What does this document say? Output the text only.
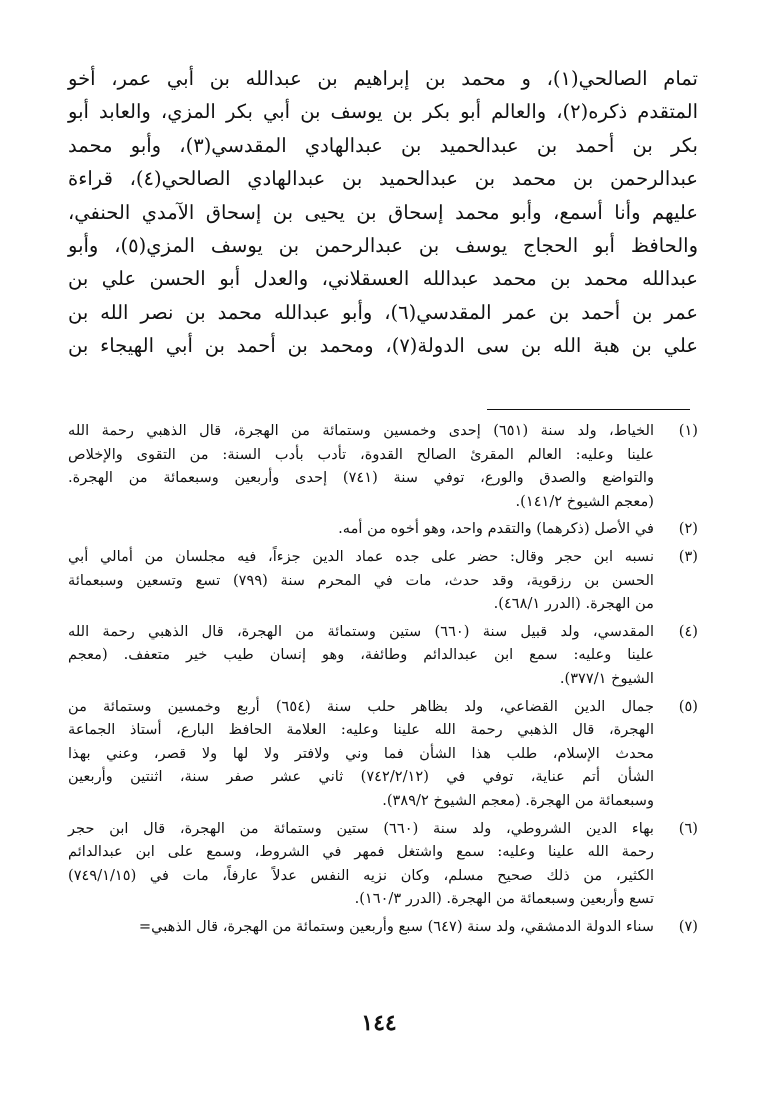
تمام الصالحي(١)، و محمد بن إبراهيم بن عبدالله بن أبي عمر، أخو
المتقدم ذكره(٢)، والعالم أبو بكر بن يوسف بن أبي بكر المزي، والعابد أبو
بكر بن أحمد بن عبدالحميد بن عبدالهادي المقدسي(٣)، وأبو محمد
عبدالرحمن بن محمد بن عبدالحميد بن عبدالهادي الصالحي(٤)، قراءة
عليهم وأنا أسمع، وأبو محمد إسحاق بن يحيى بن إسحاق الآمدي الحنفي،
والحافظ أبو الحجاج يوسف بن عبدالرحمن بن يوسف المزي(٥)، وأبو
عبدالله محمد بن محمد عبدالله العسقلاني، والعدل أبو الحسن علي بن
عمر بن أحمد بن عمر المقدسي(٦)، وأبو عبدالله محمد بن نصر الله بن
علي بن هبة الله بن سى الدولة(٧)، ومحمد بن أحمد بن أبي الهيجاء بن
(١)
الخياط، ولد سنة (٦٥١) إحدى وخمسين وستمائة من الهجرة، قال الذهبي رحمة الله
علينا وعليه: العالم المقرئ الصالح القدوة، تأدب بأدب السنة: من التقوى والإخلاص
والتواضع والصدق والورع، توفي سنة (٧٤١) إحدى وأربعين وسبعمائة من الهجرة.
(معجم الشيوخ ١٤١/٢).
(٢)
في الأصل (ذكرهما) والتقدم واحد، وهو أخوه من أمه.
(٣)
نسبه ابن حجر وقال: حضر على جده عماد الدين جزءاً، فيه مجلسان من أمالي أبي
الحسن بن رزقوية، وقد حدث، مات في المحرم سنة (٧٩٩) تسع وتسعين وسبعمائة
من الهجرة. (الدرر ٤٦٨/١).
(٤)
المقدسي، ولد قبيل سنة (٦٦٠) ستين وستمائة من الهجرة، قال الذهبي رحمة الله
علينا وعليه: سمع ابن عبدالدائم وطائفة، وهو إنسان طيب خير متعفف. (معجم
الشيوخ ٣٧٧/١).
(٥)
جمال الدين القضاعي، ولد بظاهر حلب سنة (٦٥٤) أربع وخمسين وستمائة من
الهجرة، قال الذهبي رحمة الله علينا وعليه: العلامة الحافظ البارع، أستاذ الجماعة
محدث الإسلام، طلب هذا الشأن فما وني ولافتر ولا لها ولا قصر، وعني بهذا
الشأن أتم عناية، توفي في (٧٤٢/٢/١٢) ثاني عشر صفر سنة، اثنتين وأربعين
وسبعمائة من الهجرة. (معجم الشيوخ ٣٨٩/٢).
(٦)
بهاء الدين الشروطي، ولد سنة (٦٦٠) ستين وستمائة من الهجرة، قال ابن حجر
رحمة الله علينا وعليه: سمع واشتغل فمهر في الشروط، وسمع على ابن عبدالدائم
الكثير، من ذلك صحيح مسلم، وكان نزيه النفس عدلاً عارفاً، مات في (٧٤٩/١/١٥)
تسع وأربعين وسبعمائة من الهجرة. (الدرر ١٦٠/٣).
(٧)
سناء الدولة الدمشقي، ولد سنة (٦٤٧) سبع وأربعين وستمائة من الهجرة، قال الذهبي=
١٤٤
